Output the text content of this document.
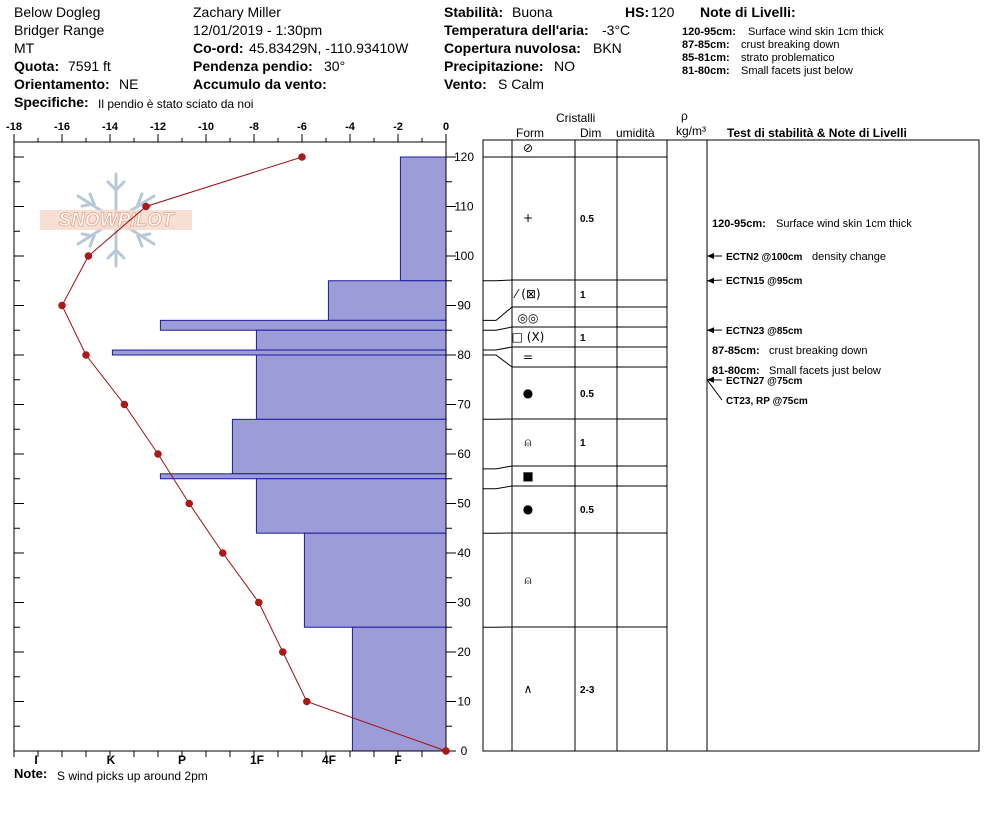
Below Dogleg
Bridger Range
MT
Quota: 7591 ft
Orientamento: NE
Specifiche: Il pendio è stato sciato da noi
Zachary Miller
12/01/2019 - 1:30pm
Co-ord: 45.83429N, -110.93410W
Pendenza pendio: 30°
Accumulo da vento:
Stabilità: Buona	HS: 120
Temperatura dell'aria: -3°C
Copertura nuvolosa: BKN
Precipitazione: NO
Vento: S Calm
Note di Livelli:
120-95cm: Surface wind skin 1cm thick
87-85cm: crust breaking down
85-81cm: strato problematico
81-80cm: Small facets just below
Cristalli
Form	Dim umidità
ρ
kg/m³ Test di stabilità & Note di Livelli
Note: S wind picks up around 2pm
SNOWPILOT
-18	-16	-14	-12	-10	-8	-6	-4	-2	0
0
10
20
30
40
50
60
70
80
90
100
110
120
I	K	P	1F	4F	F
⊘
+	0.5
⁄ (⊠)	1
◎◎
□ (Ⅹ)	1
=
●	0.5
⍝	1
■
●	0.5
⍝
∧	2-3
ECTN2 @100cm density change
ECTN15 @95cm
ECTN23 @85cm
ECTN27 @75cm
CT23, RP @75cm
120-95cm: Surface wind skin 1cm thick
87-85cm: crust breaking down
81-80cm: Small facets just below
